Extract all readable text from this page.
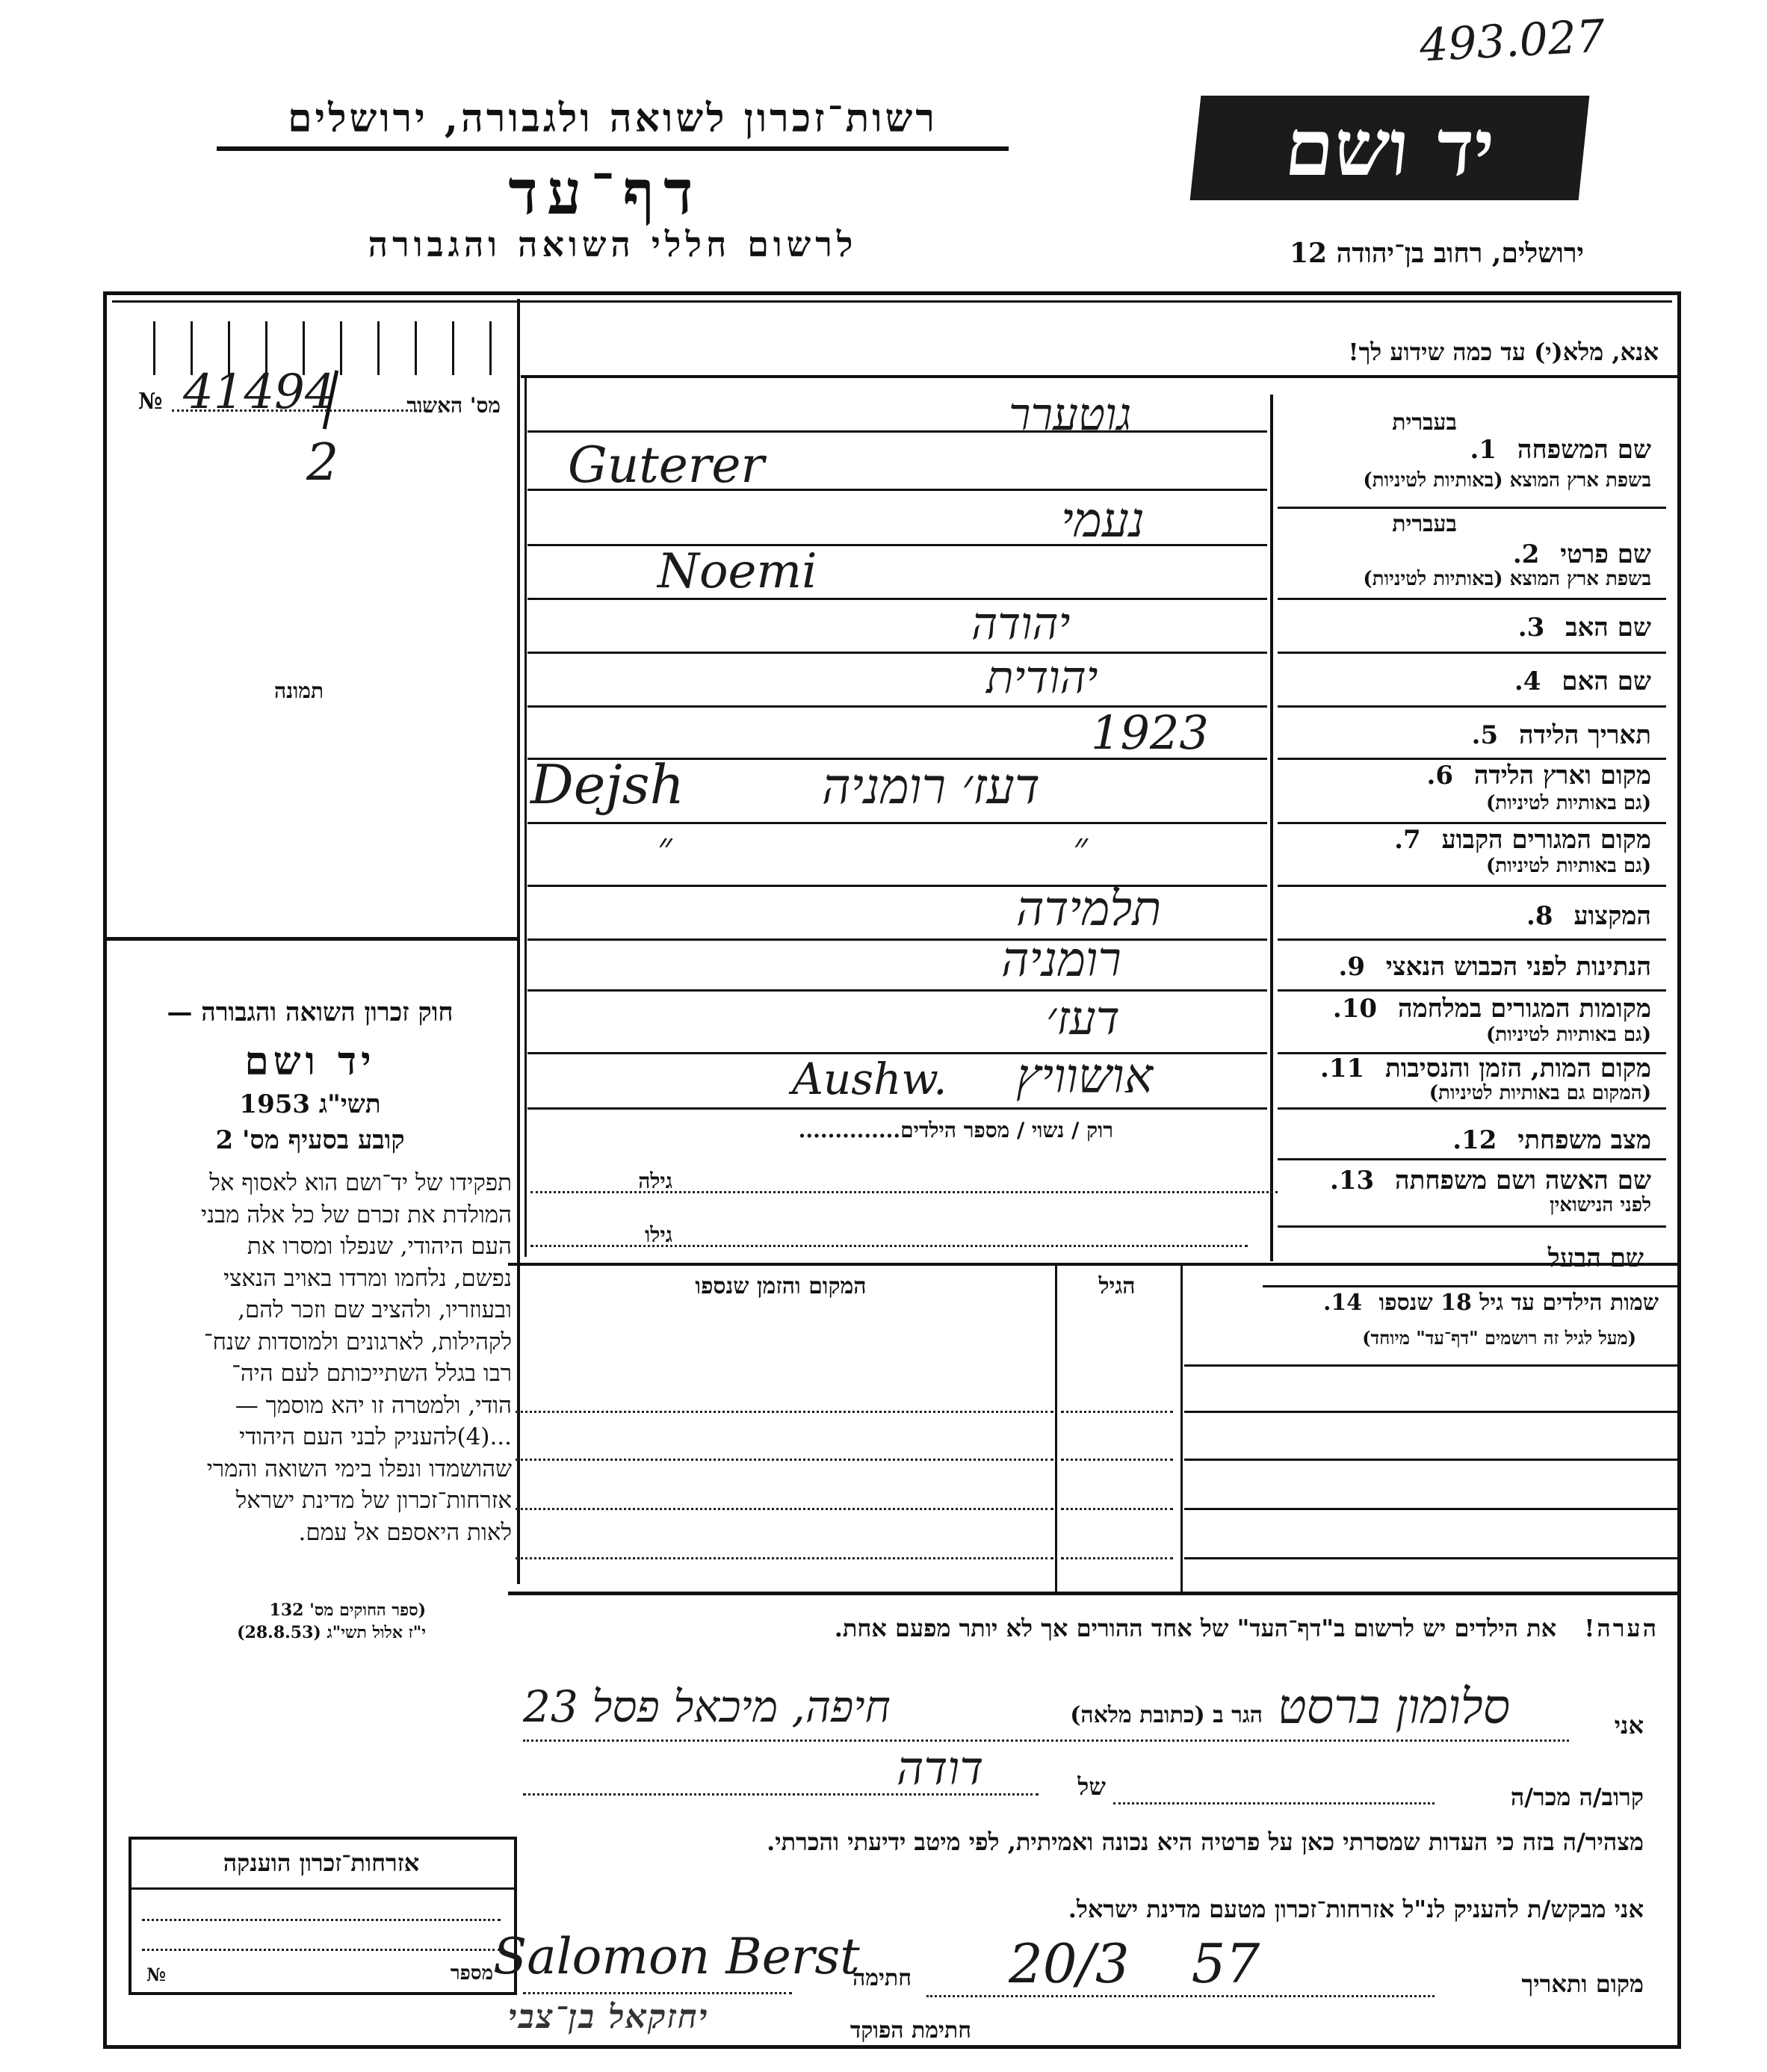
493.027
רשות־זכרון לשואה ולגבורה, ירושלים
דף־עד
לרשום חללי השואה והגבורה
יד ושם
ירושלים, רחוב בן־יהודה 12
№ 41494
2
מס' האשור
תמונה
חוק זכרון השואה והגבורה —
יד ושם
תשי"ג 1953
קובע בסעיף מס' 2
תפקידו של יד־ושם הוא לאסוף אל
המולדת את זכרם של כל אלה מבני
העם היהודי, שנפלו ומסרו את
נפשם, נלחמו ומרדו באויב הנאצי
ובעוזריו, ולהציב שם וזכר להם,
לקהילות, לארגונים ולמוסדות שנח־
רבו בגלל השתייכותם לעם היה־
הודי, ולמטרה זו יהא מוסמך —
...(4)להעניק לבני העם היהודי
שהושמדו ונפלו בימי השואה והמרי
אזרחות־זכרון של מדינת ישראל
לאות היאספם אל עמם.
(ספר החוקים מס' 132
י"ז אלול תשי"ג (28.8.53)
אזרחות־זכרון הוענקה
№	מספר
אנא, מלא(י) עד כמה שידוע לך!
בעברית
שם המשפחה 1.
בשפת ארץ המוצא (באותיות לטיניות)
גוטערר
Guterer
בעברית
שם פרטי 2.
בשפת ארץ המוצא (באותיות לטיניות)
נעמי
Noemi
שם האב 3.
יהודה
שם האם 4.
יהודית
תאריך הלידה 5.
1923
מקום וארץ הלידה 6.
(גם באותיות לטיניות)
דעז׳ רומניה
Dejsh
מקום המגורים הקבוע 7.
(גם באותיות לטיניות)
״ ״
המקצוע 8.
תלמידה
הנתינות לפני הכבוש הנאצי 9.
רומניה
מקומות המגורים במלחמה 10.
(גם באותיות לטיניות)
דעז׳
מקום המות, הזמן והנסיבות 11.
(המקום גם באותיות לטיניות)
אושוויץ
Aushw.
מצב משפחתי 12.
רוק / נשוי / מספר הילדים..............
שם האשה ושם משפחתה 13.
לפני הנישואין
גילה
גילו
שם הבעל
שמות הילדים עד גיל 18 שנספו 14.
(מעל לגיל זה רושמים "דף־עד" מיוחד)
הגיל
המקום והזמן שנספו
הערה! את הילדים יש לרשום ב"דף־העד" של אחד ההורים אך לא יותר מפעם אחת.
אני
סלומון ברסט
הגר ב (כתובת מלאה)
חיפה, מיכאל פסל 23
קרוב/ה מכר/ה
של
דודה
מצהיר/ה בזה כי העדות שמסרתי כאן על פרטיה היא נכונה ואמיתית, לפי מיטב ידיעתי והכרתי.
אני מבקש/ת להעניק לנ"ל אזרחות־זכרון מטעם מדינת ישראל.
מקום ותאריך
20/3 57
חתימה
Salomon Berst
יחזקאל בן־צבי	חתימת הפוקד
